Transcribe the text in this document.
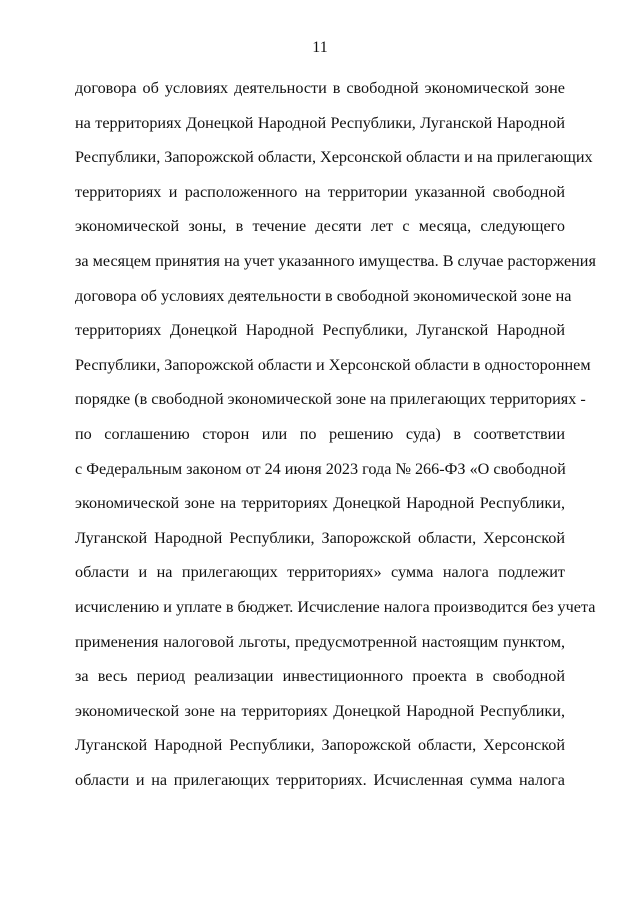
11
договора об условиях деятельности в свободной экономической зоне
на территориях Донецкой Народной Республики, Луганской Народной
Республики, Запорожской области, Херсонской области и на прилегающих
территориях и расположенного на территории указанной свободной
экономической зоны, в течение десяти лет с месяца, следующего
за месяцем принятия на учет указанного имущества. В случае расторжения
договора об условиях деятельности в свободной экономической зоне на
территориях Донецкой Народной Республики, Луганской Народной
Республики, Запорожской области и Херсонской области в одностороннем
порядке (в свободной экономической зоне на прилегающих территориях -
по соглашению сторон или по решению суда) в соответствии
с Федеральным законом от 24 июня 2023 года № 266-ФЗ «О свободной
экономической зоне на территориях Донецкой Народной Республики,
Луганской Народной Республики, Запорожской области, Херсонской
области и на прилегающих территориях» сумма налога подлежит
исчислению и уплате в бюджет. Исчисление налога производится без учета
применения налоговой льготы, предусмотренной настоящим пунктом,
за весь период реализации инвестиционного проекта в свободной
экономической зоне на территориях Донецкой Народной Республики,
Луганской Народной Республики, Запорожской области, Херсонской
области и на прилегающих территориях. Исчисленная сумма налога
